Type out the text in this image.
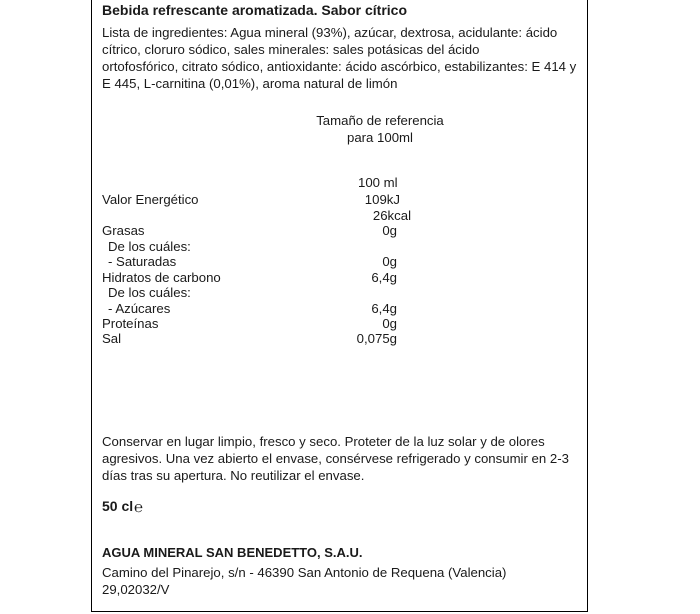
Bebida refrescante aromatizada. Sabor cítrico
Lista de ingredientes: Agua mineral (93%), azúcar, dextrosa, acidulante: ácido
cítrico, cloruro sódico, sales minerales: sales potásicas del ácido
ortofosfórico, citrato sódico, antioxidante: ácido ascórbico, estabilizantes: E 414 y
E 445, L-carnitina (0,01%), aroma natural de limón
Tamaño de referencia
para 100ml
100 ml
Valor Energético	109kJ
26kcal
Grasas	0g
De los cuáles:
- Saturadas	0g
Hidratos de carbono	6,4g
De los cuáles:
- Azúcares	6,4g
Proteínas	0g
Sal	0,075g
Conservar en lugar limpio, fresco y seco. Proteter de la luz solar y de olores
agresivos. Una vez abierto el envase, consérvese refrigerado y consumir en 2-3
días tras su apertura. No reutilizar el envase.
50 cl℮
AGUA MINERAL SAN BENEDETTO, S.A.U.
Camino del Pinarejo, s/n - 46390 San Antonio de Requena (Valencia)
29,02032/V
